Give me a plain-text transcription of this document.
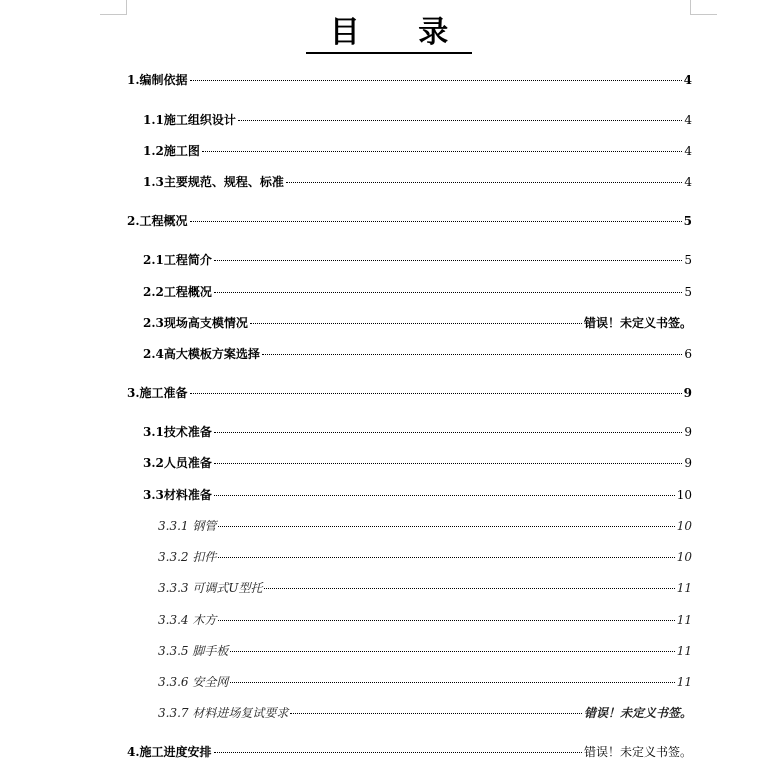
目 录
1.编制依据	4
1.1施工组织设计	4
1.2施工图	4
1.3主要规范、规程、标准	4
2.工程概况	5
2.1工程简介	5
2.2工程概况	5
2.3现场高支模情况	错误！未定义书签。
2.4高大模板方案选择	6
3.施工准备	9
3.1技术准备	9
3.2人员准备	9
3.3材料准备	10
3.3.1 钢管	10
3.3.2 扣件	10
3.3.3 可调式U型托	11
3.3.4 木方	11
3.3.5 脚手板	11
3.3.6 安全网	11
3.3.7 材料进场复试要求	错误！未定义书签。
4.施工进度安排	错误！未定义书签。
